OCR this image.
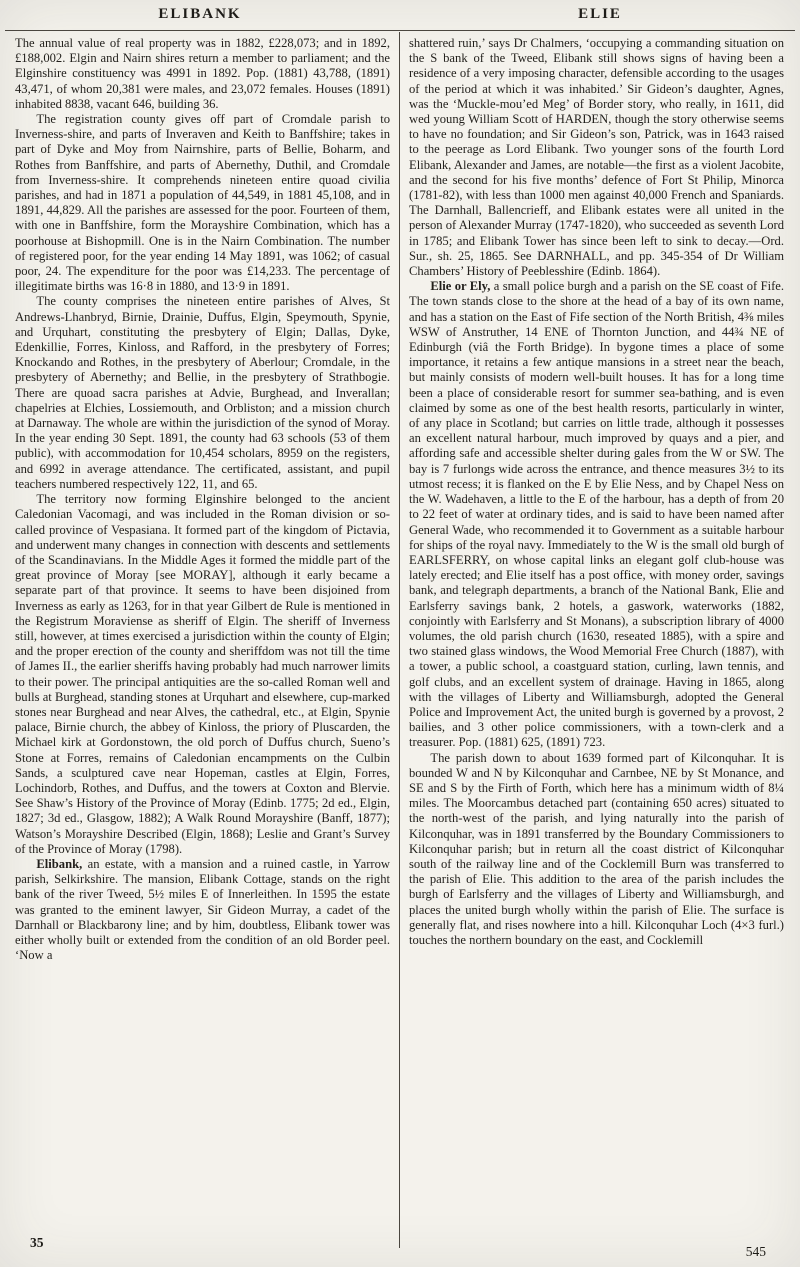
ELIBANK	ELIE

The annual value of real property was in 1882, £228,073; and in 1892, £188,002. Elgin and Nairn shires return a member to parliament; and the Elginshire constituency was 4991 in 1892. Pop. (1881) 43,788, (1891) 43,471, of whom 20,381 were males, and 23,072 females. Houses (1891) inhabited 8838, vacant 646, building 36.

The registration county gives off part of Cromdale parish to Inverness-shire, and parts of Inveraven and Keith to Banffshire; takes in part of Dyke and Moy from Nairnshire, parts of Bellie, Boharm, and Rothes from Banffshire, and parts of Abernethy, Duthil, and Cromdale from Inverness-shire. It comprehends nineteen entire quoad civilia parishes, and had in 1871 a population of 44,549, in 1881 45,108, and in 1891, 44,829. All the parishes are assessed for the poor. Fourteen of them, with one in Banffshire, form the Morayshire Combination, which has a poorhouse at Bishopmill. One is in the Nairn Combination. The number of registered poor, for the year ending 14 May 1891, was 1062; of casual poor, 24. The expenditure for the poor was £14,233. The percentage of illegitimate births was 16·8 in 1880, and 13·9 in 1891.

The county comprises the nineteen entire parishes of Alves, St Andrews-Lhanbryd, Birnie, Drainie, Duffus, Elgin, Speymouth, Spynie, and Urquhart, constituting the presbytery of Elgin; Dallas, Dyke, Edenkillie, Forres, Kinloss, and Rafford, in the presbytery of Forres; Knockando and Rothes, in the presbytery of Aberlour; Cromdale, in the presbytery of Abernethy; and Bellie, in the presbytery of Strathbogie. There are quoad sacra parishes at Advie, Burghead, and Inverallan; chapelries at Elchies, Lossiemouth, and Orbliston; and a mission church at Darnaway. The whole are within the jurisdiction of the synod of Moray. In the year ending 30 Sept. 1891, the county had 63 schools (53 of them public), with accommodation for 10,454 scholars, 8959 on the registers, and 6992 in average attendance. The certificated, assistant, and pupil teachers numbered respectively 122, 11, and 65.

The territory now forming Elginshire belonged to the ancient Caledonian Vacomagi, and was included in the Roman division or so-called province of Vespasiana. It formed part of the kingdom of Pictavia, and underwent many changes in connection with descents and settlements of the Scandinavians. In the Middle Ages it formed the middle part of the great province of Moray [see MORAY], although it early became a separate part of that province. It seems to have been disjoined from Inverness as early as 1263, for in that year Gilbert de Rule is mentioned in the Registrum Moraviense as sheriff of Elgin. The sheriff of Inverness still, however, at times exercised a jurisdiction within the county of Elgin; and the proper erection of the county and sheriffdom was not till the time of James II., the earlier sheriffs having probably had much narrower limits to their power. The principal antiquities are the so-called Roman well and bulls at Burghead, standing stones at Urquhart and elsewhere, cup-marked stones near Burghead and near Alves, the cathedral, etc., at Elgin, Spynie palace, Birnie church, the abbey of Kinloss, the priory of Pluscarden, the Michael kirk at Gordonstown, the old porch of Duffus church, Sueno’s Stone at Forres, remains of Caledonian encampments on the Culbin Sands, a sculptured cave near Hopeman, castles at Elgin, Forres, Lochindorb, Rothes, and Duffus, and the towers at Coxton and Blervie. See Shaw’s History of the Province of Moray (Edinb. 1775; 2d ed., Elgin, 1827; 3d ed., Glasgow, 1882); A Walk Round Morayshire (Banff, 1877); Watson’s Morayshire Described (Elgin, 1868); Leslie and Grant’s Survey of the Province of Moray (1798).

Elibank, an estate, with a mansion and a ruined castle, in Yarrow parish, Selkirkshire. The mansion, Elibank Cottage, stands on the right bank of the river Tweed, 5½ miles E of Innerleithen. In 1595 the estate was granted to the eminent lawyer, Sir Gideon Murray, a cadet of the Darnhall or Blackbarony line; and by him, doubtless, Elibank tower was either wholly built or extended from the condition of an old Border peel. ‘Now a

shattered ruin,’ says Dr Chalmers, ‘occupying a commanding situation on the S bank of the Tweed, Elibank still shows signs of having been a residence of a very imposing character, defensible according to the usages of the period at which it was inhabited.’ Sir Gideon’s daughter, Agnes, was the ‘Muckle-mou’ed Meg’ of Border story, who really, in 1611, did wed young William Scott of HARDEN, though the story otherwise seems to have no foundation; and Sir Gideon’s son, Patrick, was in 1643 raised to the peerage as Lord Elibank. Two younger sons of the fourth Lord Elibank, Alexander and James, are notable—the first as a violent Jacobite, and the second for his five months’ defence of Fort St Philip, Minorca (1781-82), with less than 1000 men against 40,000 French and Spaniards. The Darnhall, Ballencrieff, and Elibank estates were all united in the person of Alexander Murray (1747-1820), who succeeded as seventh Lord in 1785; and Elibank Tower has since been left to sink to decay.—Ord. Sur., sh. 25, 1865. See DARNHALL, and pp. 345-354 of Dr William Chambers’ History of Peeblesshire (Edinb. 1864).

Elie or Ely, a small police burgh and a parish on the SE coast of Fife. The town stands close to the shore at the head of a bay of its own name, and has a station on the East of Fife section of the North British, 4⅜ miles WSW of Anstruther, 14 ENE of Thornton Junction, and 44¾ NE of Edinburgh (viâ the Forth Bridge). In bygone times a place of some importance, it retains a few antique mansions in a street near the beach, but mainly consists of modern well-built houses. It has for a long time been a place of considerable resort for summer sea-bathing, and is even claimed by some as one of the best health resorts, particularly in winter, of any place in Scotland; but carries on little trade, although it possesses an excellent natural harbour, much improved by quays and a pier, and affording safe and accessible shelter during gales from the W or SW. The bay is 7 furlongs wide across the entrance, and thence measures 3½ to its utmost recess; it is flanked on the E by Elie Ness, and by Chapel Ness on the W. Wadehaven, a little to the E of the harbour, has a depth of from 20 to 22 feet of water at ordinary tides, and is said to have been named after General Wade, who recommended it to Government as a suitable harbour for ships of the royal navy. Immediately to the W is the small old burgh of EARLSFERRY, on whose capital links an elegant golf club-house was lately erected; and Elie itself has a post office, with money order, savings bank, and telegraph departments, a branch of the National Bank, Elie and Earlsferry savings bank, 2 hotels, a gaswork, waterworks (1882, conjointly with Earlsferry and St Monans), a subscription library of 4000 volumes, the old parish church (1630, reseated 1885), with a spire and two stained glass windows, the Wood Memorial Free Church (1887), with a tower, a public school, a coastguard station, curling, lawn tennis, and golf clubs, and an excellent system of drainage. Having in 1865, along with the villages of Liberty and Williamsburgh, adopted the General Police and Improvement Act, the united burgh is governed by a provost, 2 bailies, and 3 other police commissioners, with a town-clerk and a treasurer. Pop. (1881) 625, (1891) 723.

The parish down to about 1639 formed part of Kilconquhar. It is bounded W and N by Kilconquhar and Carnbee, NE by St Monance, and SE and S by the Firth of Forth, which here has a minimum width of 8¼ miles. The Moorcambus detached part (containing 650 acres) situated to the north-west of the parish, and lying naturally into the parish of Kilconquhar, was in 1891 transferred by the Boundary Commissioners to Kilconquhar parish; but in return all the coast district of Kilconquhar south of the railway line and of the Cocklemill Burn was transferred to the parish of Elie. This addition to the area of the parish includes the burgh of Earlsferry and the villages of Liberty and Williamsburgh, and places the united burgh wholly within the parish of Elie. The surface is generally flat, and rises nowhere into a hill. Kilconquhar Loch (4×3 furl.) touches the northern boundary on the east, and Cocklemill

35
545
